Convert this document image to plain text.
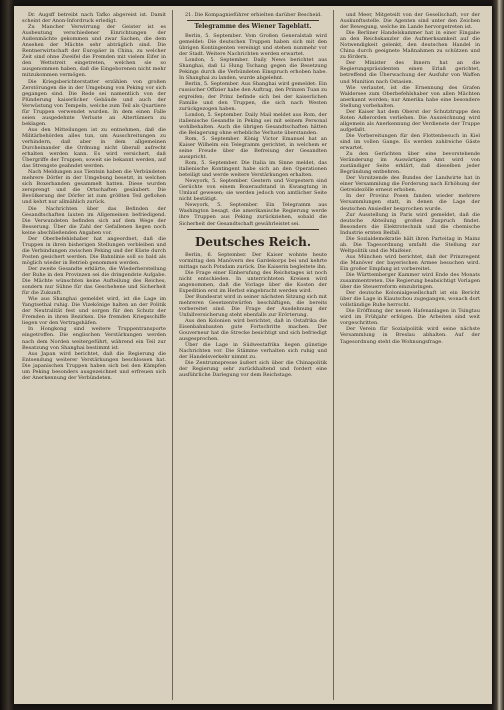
Dr. Augsff betreibt nach Tafko abgereist ist. Damit scheint der Anon-Infordruck erledigt.

Zu Mancher Verwirrung der Geister ist es Ausbeutung verschiedener Einrichtungen der Außenmächte gekommen und zwar Sachen, die dem Ansehen der Mächte sehr abträglich sind. Die Rentnerwirtschaft der Europäer in China, zu welcher Zeit sind ohne Zweifel die Fremden mit vielem Eifer in den Wettstreit eingetreten, welchen sie so ausgenommen haben, daß die Eingeborenen nicht mehr mitzukommen vermögen.

Die Kriegsberichterstatter erzählen von großen Zerstörungen die in der Umgebung von Peking vor sich gegangen sind. Die Rede sei namentlich von der Plünderung kaiserlicher Gebäude und auch der Verwüstung von Tempeln, welche zum Teil als Quartiere für Truppen verwendet wurden. In dem einen Falle seien ausgedehnte Verluste an Altertümern zu beklagen.

Aus den Mitteilungen ist zu entnehmen, daß die Militärbehörden alles tun, um Ausschreitungen zu verhindern, daß aber in dem allgemeinen Durcheinander die Ordnung nicht überall aufrecht erhalten werden kann. Es wird versichert, daß Übergriffe der Truppen, soweit sie bekannt werden, auf das Strengste geahndet werden.

Nach Meldungen aus Tientsin haben die Verbündeten mehrere Dörfer in der Umgebung besetzt, in welchen sich Boxerbanden gesammelt hatten. Diese wurden zersprengt und die Ortschaften gesäubert. Die Bevölkerung der Dörfer ist zum größten Teil geflohen und kehrt nur allmählich zurück.

Die Nachrichten über das Befinden der Gesandtschaften lauten im Allgemeinen befriedigend. Die Verwundeten befinden sich auf dem Wege der Besserung. Über die Zahl der Gefallenen liegen noch keine abschließenden Angaben vor.

Der Oberbefehlshaber hat angeordnet, daß die Truppen in ihren bisherigen Stellungen verbleiben und die Verbindungen zwischen Peking und der Küste durch Posten gesichert werden. Die Bahnlinie soll so bald als möglich wieder in Betrieb genommen werden.

Der zweite Gesandte erklärte, die Wiederherstellung der Ruhe in den Provinzen sei die dringendste Aufgabe. Die Mächte wünschten keine Aufteilung des Reiches, sondern nur Sühne für das Geschehene und Sicherheit für die Zukunft.

Wie aus Shanghai gemeldet wird, ist die Lage im Yangtsethal ruhig. Die Vizekönige halten an der Politik der Neutralität fest und sorgen für den Schutz der Fremden in ihren Bezirken. Die fremden Kriegsschiffe liegen vor den Vertragshäfen.

In Hongkong sind weitere Truppentransporte eingetroffen. Die englischen Verstärkungen werden nach dem Norden weitergeführt, während ein Teil zur Besatzung von Shanghai bestimmt ist.

Aus Japan wird berichtet, daß die Regierung die Entsendung weiterer Verstärkungen beschlossen hat. Die japanischen Truppen haben sich bei den Kämpfen um Peking besonders ausgezeichnet und erfreuen sich der Anerkennung der Verbündeten.

21. Die Kompagnieführer erhielten darüber Bescheid.

Telegramme des Wiener Tageblatt.

Berlin, 5. September. Vom Großen Generalstab wird gemeldet: Die deutschen Truppen haben sich mit den übrigen Kontingenten vereinigt und stehen nunmehr vor der Stadt. Weitere Nachrichten werden erwartet.

London, 5. September. Daily News berichtet aus Shanghai, daß Li Hung Tschang gegen die Besetzung Pekings durch die Verbündeten Einspruch erhoben habe. In Shanghai zu landen, wurde abgelehnt.

Berlin, 5. September. Aus Shanghai wird gemeldet: Ein russischer Offizier habe den Auftrag, den Prinzen Tuan zu ergreifen; der Prinz befinde sich bei der kaiserlichen Familie und den Truppen, die sich nach Westen zurückgezogen haben.

London, 5. September. Daily Mail meldet aus Rom, der italienische Gesandte in Peking sei mit seinem Personal wohlbehalten. Auch die übrigen Gesandtschaften hätten die Belagerung ohne erhebliche Verluste überstanden.

Rom, 5. September. König Victor Emanuel hat an Kaiser Wilhelm ein Telegramm gerichtet, in welchem er seine Freude über die Befreiung der Gesandten ausspricht.

Rom, 5. September. Die Italia im Sinne meldet, das italienische Kontingent habe sich an den Operationen beteiligt und werde weitere Verstärkungen erhalten.

Newyork, 5. September. Gestern und Vorgestern sind Gerüchte von einem Boxeraufstand in Kwangtung in Umlauf gewesen; sie werden jedoch von amtlicher Seite nicht bestätigt.

Newyork, 5. September. Ein Telegramm aus Washington besagt, die amerikanische Regierung werde ihre Truppen aus Peking zurückziehen, sobald die Sicherheit der Gesandtschaft gewährleistet sei.

Deutsches Reich.

Berlin, 6. September. Der Kaiser wohnte heute vormittag den Manövern des Gardekorps bei und kehrte mittags nach Potsdam zurück. Die Kaiserin begleitete ihn.

Die Frage einer Einberufung des Reichstages ist noch nicht entschieden. In unterrichteten Kreisen wird angenommen, daß die Vorlage über die Kosten der Expedition erst im Herbst eingebracht werden wird.

Der Bundesrat wird in seiner nächsten Sitzung sich mit mehreren Gesetzentwürfen beschäftigen, die bereits vorbereitet sind. Die Frage der Ausdehnung der Unfallversicherung steht ebenfalls zur Erörterung.

Aus den Kolonien wird berichtet, daß in Ostafrika die Eisenbahnbauten gute Fortschritte machen. Der Gouverneur hat die Strecke besichtigt und sich befriedigt ausgesprochen.

Über die Lage in Südwestafrika liegen günstige Nachrichten vor. Die Stämme verhalten sich ruhig und der Handelsverkehr nimmt zu.

Die Zentrumspresse äußert sich über die Chinapolitik der Regierung sehr zurückhaltend und fordert eine ausführliche Darlegung vor dem Reichstage.

und Meer, Mitgeteilt von der Gesellschaft, vor der Auskunftsstelle. Die Agenten sind unter den Zeichen der Bewegung, welche im Lande hervorgetreten ist.

Die Berliner Handelskammer hat in einer Eingabe an den Reichskanzler die Aufmerksamkeit auf die Notwendigkeit gelenkt, den deutschen Handel in China durch geeignete Maßnahmen zu schützen und zu fördern.

Der Minister des Innern hat an die Regierungspräsidenten einen Erlaß gerichtet, betreffend die Überwachung der Ausfuhr von Waffen und Munition nach Ostasien.

Wie verlautet, ist die Ernennung des Grafen Waldersee zum Oberbefehlshaber von allen Mächten anerkannt worden; nur Amerika habe eine besondere Stellung vorbehalten.

Der Kaiser hat dem Oberst der Schutztruppe den Roten Adlerorden verliehen. Die Auszeichnung wird allgemein als Anerkennung der Verdienste der Truppe aufgefaßt.

Die Vorbereitungen für den Flottenbesuch in Kiel sind im vollen Gange. Es werden zahlreiche Gäste erwartet.

Zu den Gerüchten über eine bevorstehende Veränderung im Auswärtigen Amt wird von zuständiger Seite erklärt, daß dieselben jeder Begründung entbehren.

Der Vorsitzende des Bundes der Landwirte hat in einer Versammlung die Forderung nach Erhöhung der Getreidezölle erneut erhoben.

In der Provinz Posen fanden wieder mehrere Versammlungen statt, in denen die Lage der deutschen Ansiedler besprochen wurde.

Zur Ausstellung in Paris wird gemeldet, daß die deutsche Abteilung großen Zuspruch findet. Besonders die Elektrotechnik und die chemische Industrie ernten Beifall.

Die Sozialdemokratie hält ihren Parteitag in Mainz ab. Die Tagesordnung umfaßt die Stellung zur Weltpolitik und die Maifeier.

Aus München wird berichtet, daß der Prinzregent die Manöver der bayerischen Armee besuchen wird. Ein großer Empfang ist vorbereitet.

Die Württemberger Kammer wird Ende des Monats zusammentreten. Die Regierung beabsichtigt Vorlagen über die Steuerreform einzubringen.

Der deutsche Kolonialgesellschaft ist ein Bericht über die Lage in Kiautschou zugegangen, wonach dort vollständige Ruhe herrscht.

Die Eröffnung der neuen Hafenanlagen in Tsingtau wird im Frühjahr erfolgen. Die Arbeiten sind weit vorgeschritten.

Der Verein für Sozialpolitik wird seine nächste Versammlung in Breslau abhalten. Auf der Tagesordnung steht die Wohnungsfrage.
